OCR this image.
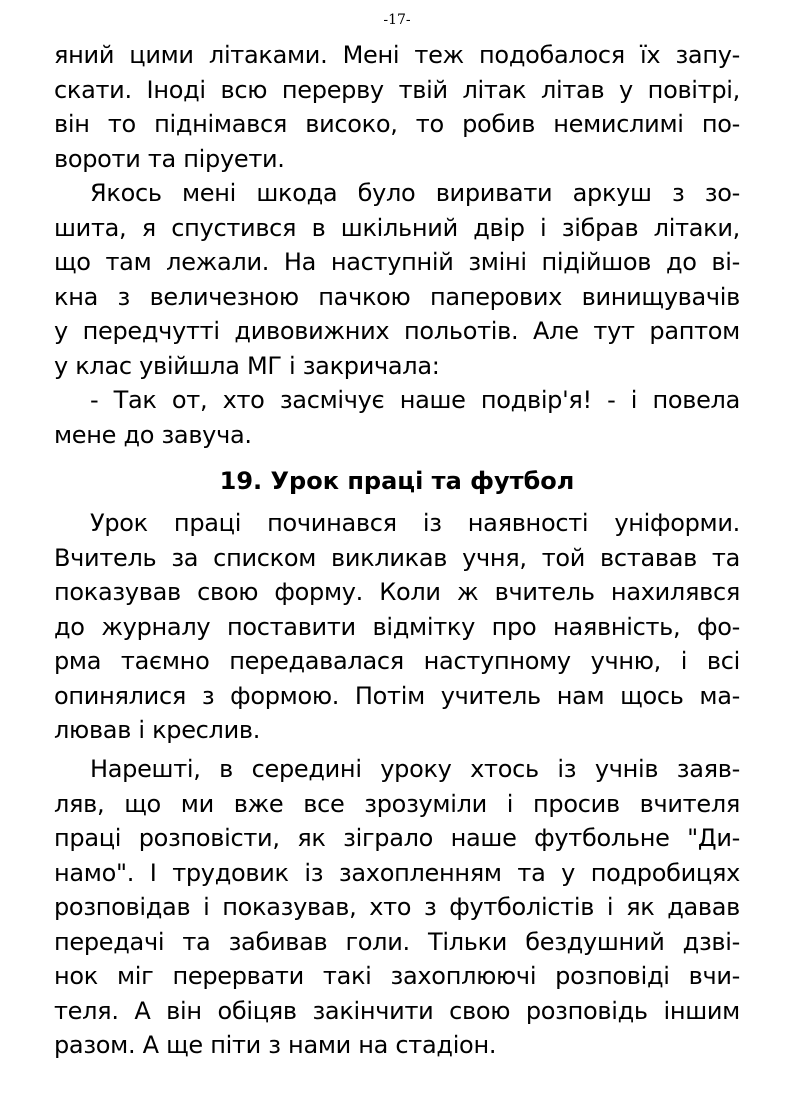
-17-
яний цими літаками. Мені теж подобалося їх запу-
скати. Іноді всю перерву твій літак літав у повітрі,
він то піднімався високо, то робив немислимі по-
вороти та піруети.
Якось мені шкода було виривати аркуш з зо-
шита, я спустився в шкільний двір і зібрав літаки,
що там лежали. На наступній зміні підійшов до ві-
кна з величезною пачкою паперових винищувачів
у передчутті дивовижних польотів. Але тут раптом
у клас увійшла МГ і закричала:
- Так от, хто засмічує наше подвір'я! - і повела
мене до завуча.
19. Урок праці та футбол
Урок праці починався із наявності уніформи.
Вчитель за списком викликав учня, той вставав та
показував свою форму. Коли ж вчитель нахилявся
до журналу поставити відмітку про наявність, фо-
рма таємно передавалася наступному учню, і всі
опинялися з формою. Потім учитель нам щось ма-
лював і креслив.
Нарешті, в середині уроку хтось із учнів заяв-
ляв, що ми вже все зрозуміли і просив вчителя
праці розповісти, як зіграло наше футбольне "Ди-
намо". І трудовик із захопленням та у подробицях
розповідав і показував, хто з футболістів і як давав
передачі та забивав голи. Тільки бездушний дзві-
нок міг перервати такі захоплюючі розповіді вчи-
теля. А він обіцяв закінчити свою розповідь іншим
разом. А ще піти з нами на стадіон.
